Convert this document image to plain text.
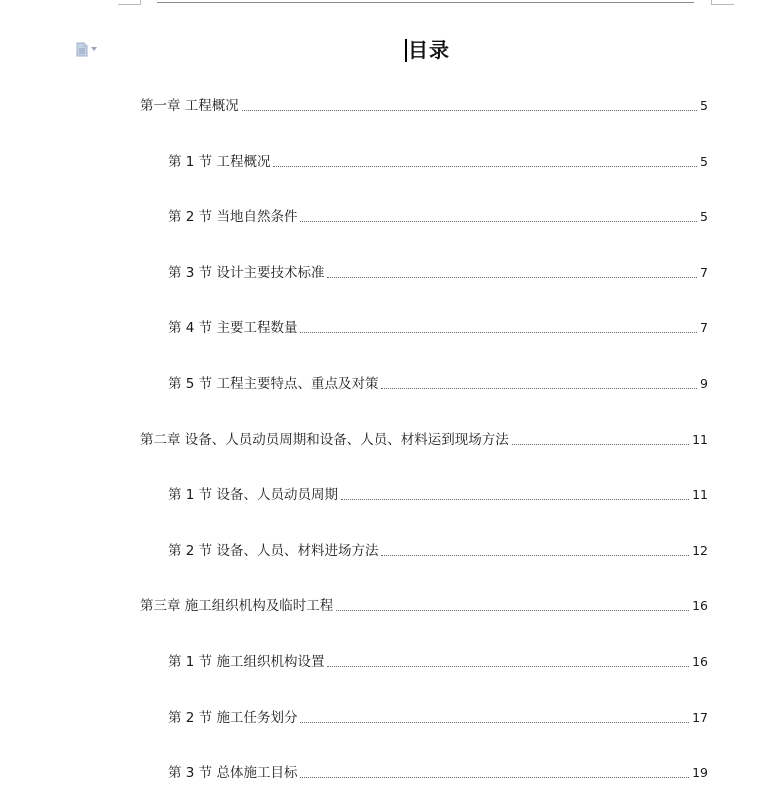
目录
第一章 工程概况	5
第 1 节 工程概况	5
第 2 节 当地自然条件	5
第 3 节 设计主要技术标准	7
第 4 节 主要工程数量	7
第 5 节 工程主要特点、重点及对策	9
第二章 设备、人员动员周期和设备、人员、材料运到现场方法	11
第 1 节 设备、人员动员周期	11
第 2 节 设备、人员、材料进场方法	12
第三章 施工组织机构及临时工程	16
第 1 节 施工组织机构设置	16
第 2 节 施工任务划分	17
第 3 节 总体施工目标	19
